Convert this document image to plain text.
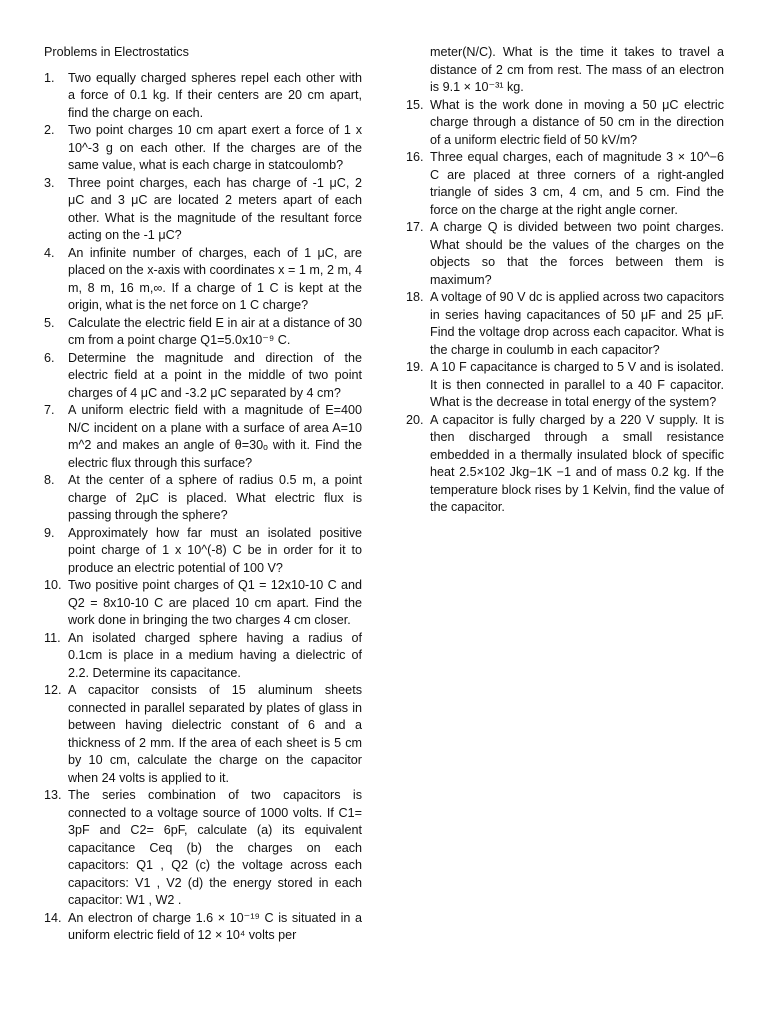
Problems in Electrostatics
1.	Two equally charged spheres repel each other with a force of 0.1 kg. If their centers are 20 cm apart, find the charge on each.
2.	Two point charges 10 cm apart exert a force of 1 x 10^-3 g on each other. If the charges are of the same value, what is each charge in statcoulomb?
3.	Three point charges, each has charge of -1 μC, 2 μC and 3 μC are located 2 meters apart of each other. What is the magnitude of the resultant force acting on the -1 μC?
4.	An infinite number of charges, each of 1 μC, are placed on the x-axis with coordinates x = 1 m, 2 m, 4 m, 8 m, 16 m,∞. If a charge of 1 C is kept at the origin, what is the net force on 1 C charge?
5.	Calculate the electric field E in air at a distance of 30 cm from a point charge Q1=5.0x10⁻⁹ C.
6.	Determine the magnitude and direction of the electric field at a point in the middle of two point charges of 4 μC and -3.2 μC separated by 4 cm?
7.	A uniform electric field with a magnitude of E=400 N/C incident on a plane with a surface of area A=10 m^2 and makes an angle of θ=30ₒ with it. Find the electric flux through this surface?
8.	At the center of a sphere of radius 0.5 m, a point charge of 2μC is placed. What electric flux is passing through the sphere?
9.	Approximately how far must an isolated positive point charge of 1 x 10^(-8) C be in order for it to produce an electric potential of 100 V?
10. Two positive point charges of Q1 = 12x10-10 C and Q2 = 8x10-10 C are placed 10 cm apart. Find the work done in bringing the two charges 4 cm closer.
11. An isolated charged sphere having a radius of 0.1cm is place in a medium having a dielectric of 2.2. Determine its capacitance.
12. A capacitor consists of 15 aluminum sheets connected in parallel separated by plates of glass in between having dielectric constant of 6 and a thickness of 2 mm. If the area of each sheet is 5 cm by 10 cm, calculate the charge on the capacitor when 24 volts is applied to it.
13. The series combination of two capacitors is connected to a voltage source of 1000 volts. If C1= 3pF and C2= 6pF, calculate (a) its equivalent capacitance Ceq (b) the charges on each capacitors: Q1 , Q2 (c) the voltage across each capacitors: V1 , V2 (d) the energy stored in each capacitor: W1 , W2 .
14. An electron of charge 1.6 × 10⁻¹⁹ C is situated in a uniform electric field of 12 × 10⁴ volts per
meter(N/C). What is the time it takes to travel a distance of 2 cm from rest. The mass of an electron is 9.1 × 10⁻³¹ kg.
15. What is the work done in moving a 50 μC electric charge through a distance of 50 cm in the direction of a uniform electric field of 50 kV/m?
16. Three equal charges, each of magnitude 3 × 10^−6 C are placed at three corners of a right-angled triangle of sides 3 cm, 4 cm, and 5 cm. Find the force on the charge at the right angle corner.
17. A charge Q is divided between two point charges. What should be the values of the charges on the objects so that the forces between them is maximum?
18. A voltage of 90 V dc is applied across two capacitors in series having capacitances of 50 μF and 25 μF. Find the voltage drop across each capacitor. What is the charge in coulumb in each capacitor?
19. A 10 F capacitance is charged to 5 V and is isolated. It is then connected in parallel to a 40 F capacitor. What is the decrease in total energy of the system?
20. A capacitor is fully charged by a 220 V supply. It is then discharged through a small resistance embedded in a thermally insulated block of specific heat 2.5×102 Jkg−1K −1 and of mass 0.2 kg. If the temperature block rises by 1 Kelvin, find the value of the capacitor.
